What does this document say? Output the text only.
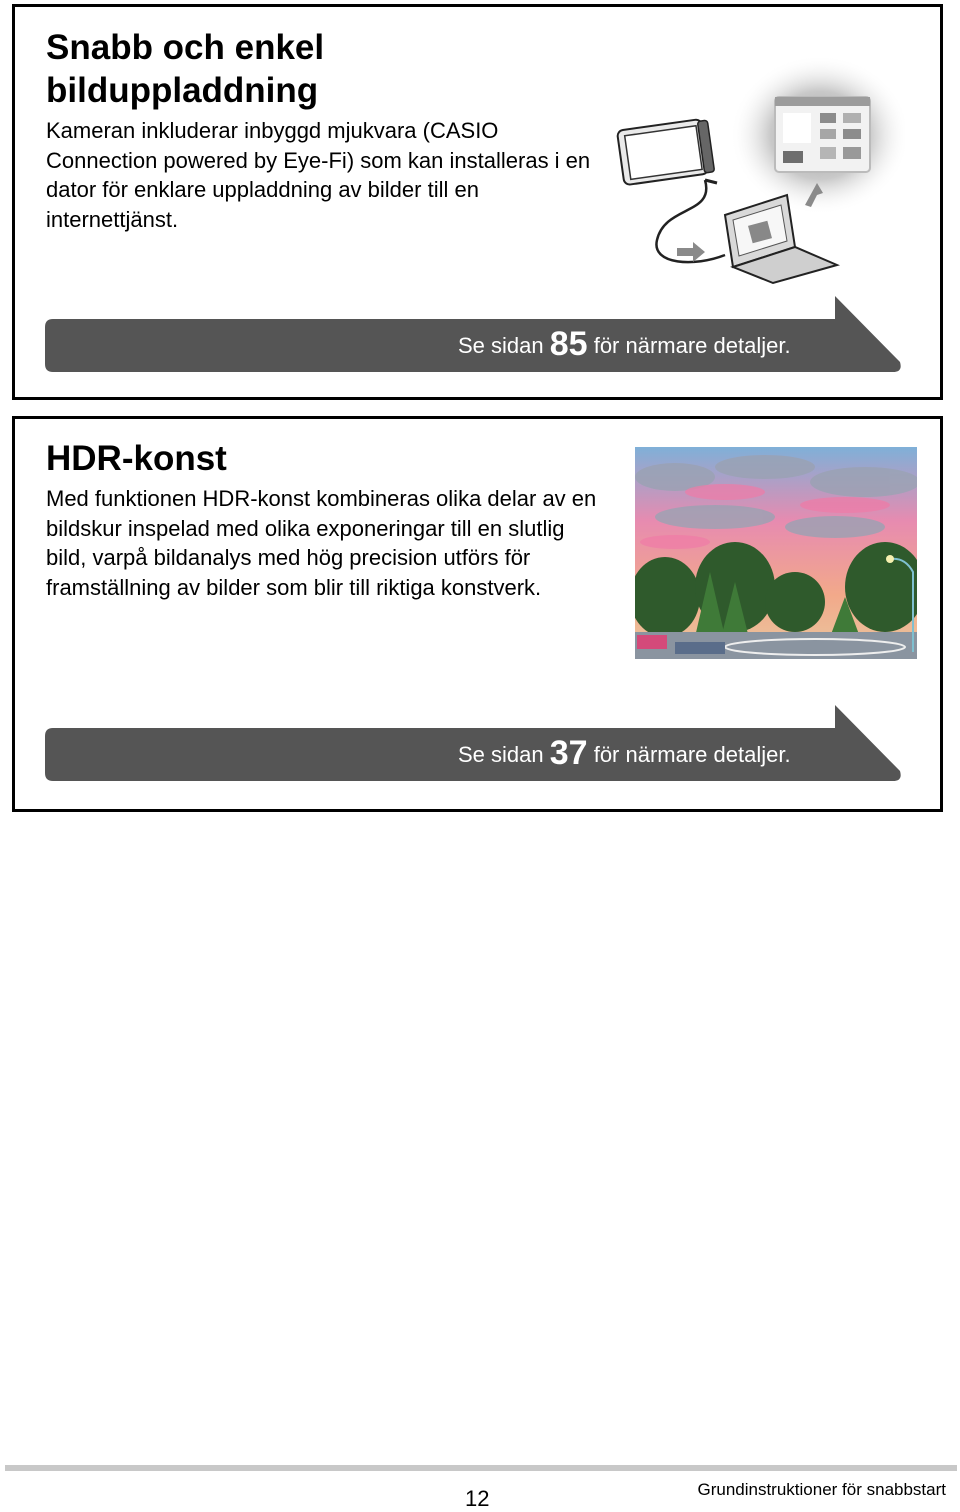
Snabb och enkel bilduppladdning

Kameran inkluderar inbyggd mjukvara (CASIO Connection powered by Eye-Fi) som kan installeras i en dator för enklare uppladdning av bilder till en internettjänst.

Se sidan 85 för närmare detaljer.
HDR-konst

Med funktionen HDR-konst kombineras olika delar av en bildskur inspelad med olika exponeringar till en slutlig bild, varpå bildanalys med hög precision utförs för framställning av bilder som blir till riktiga konstverk.

Se sidan 37 för närmare detaljer.
12	Grundinstruktioner för snabbstart
